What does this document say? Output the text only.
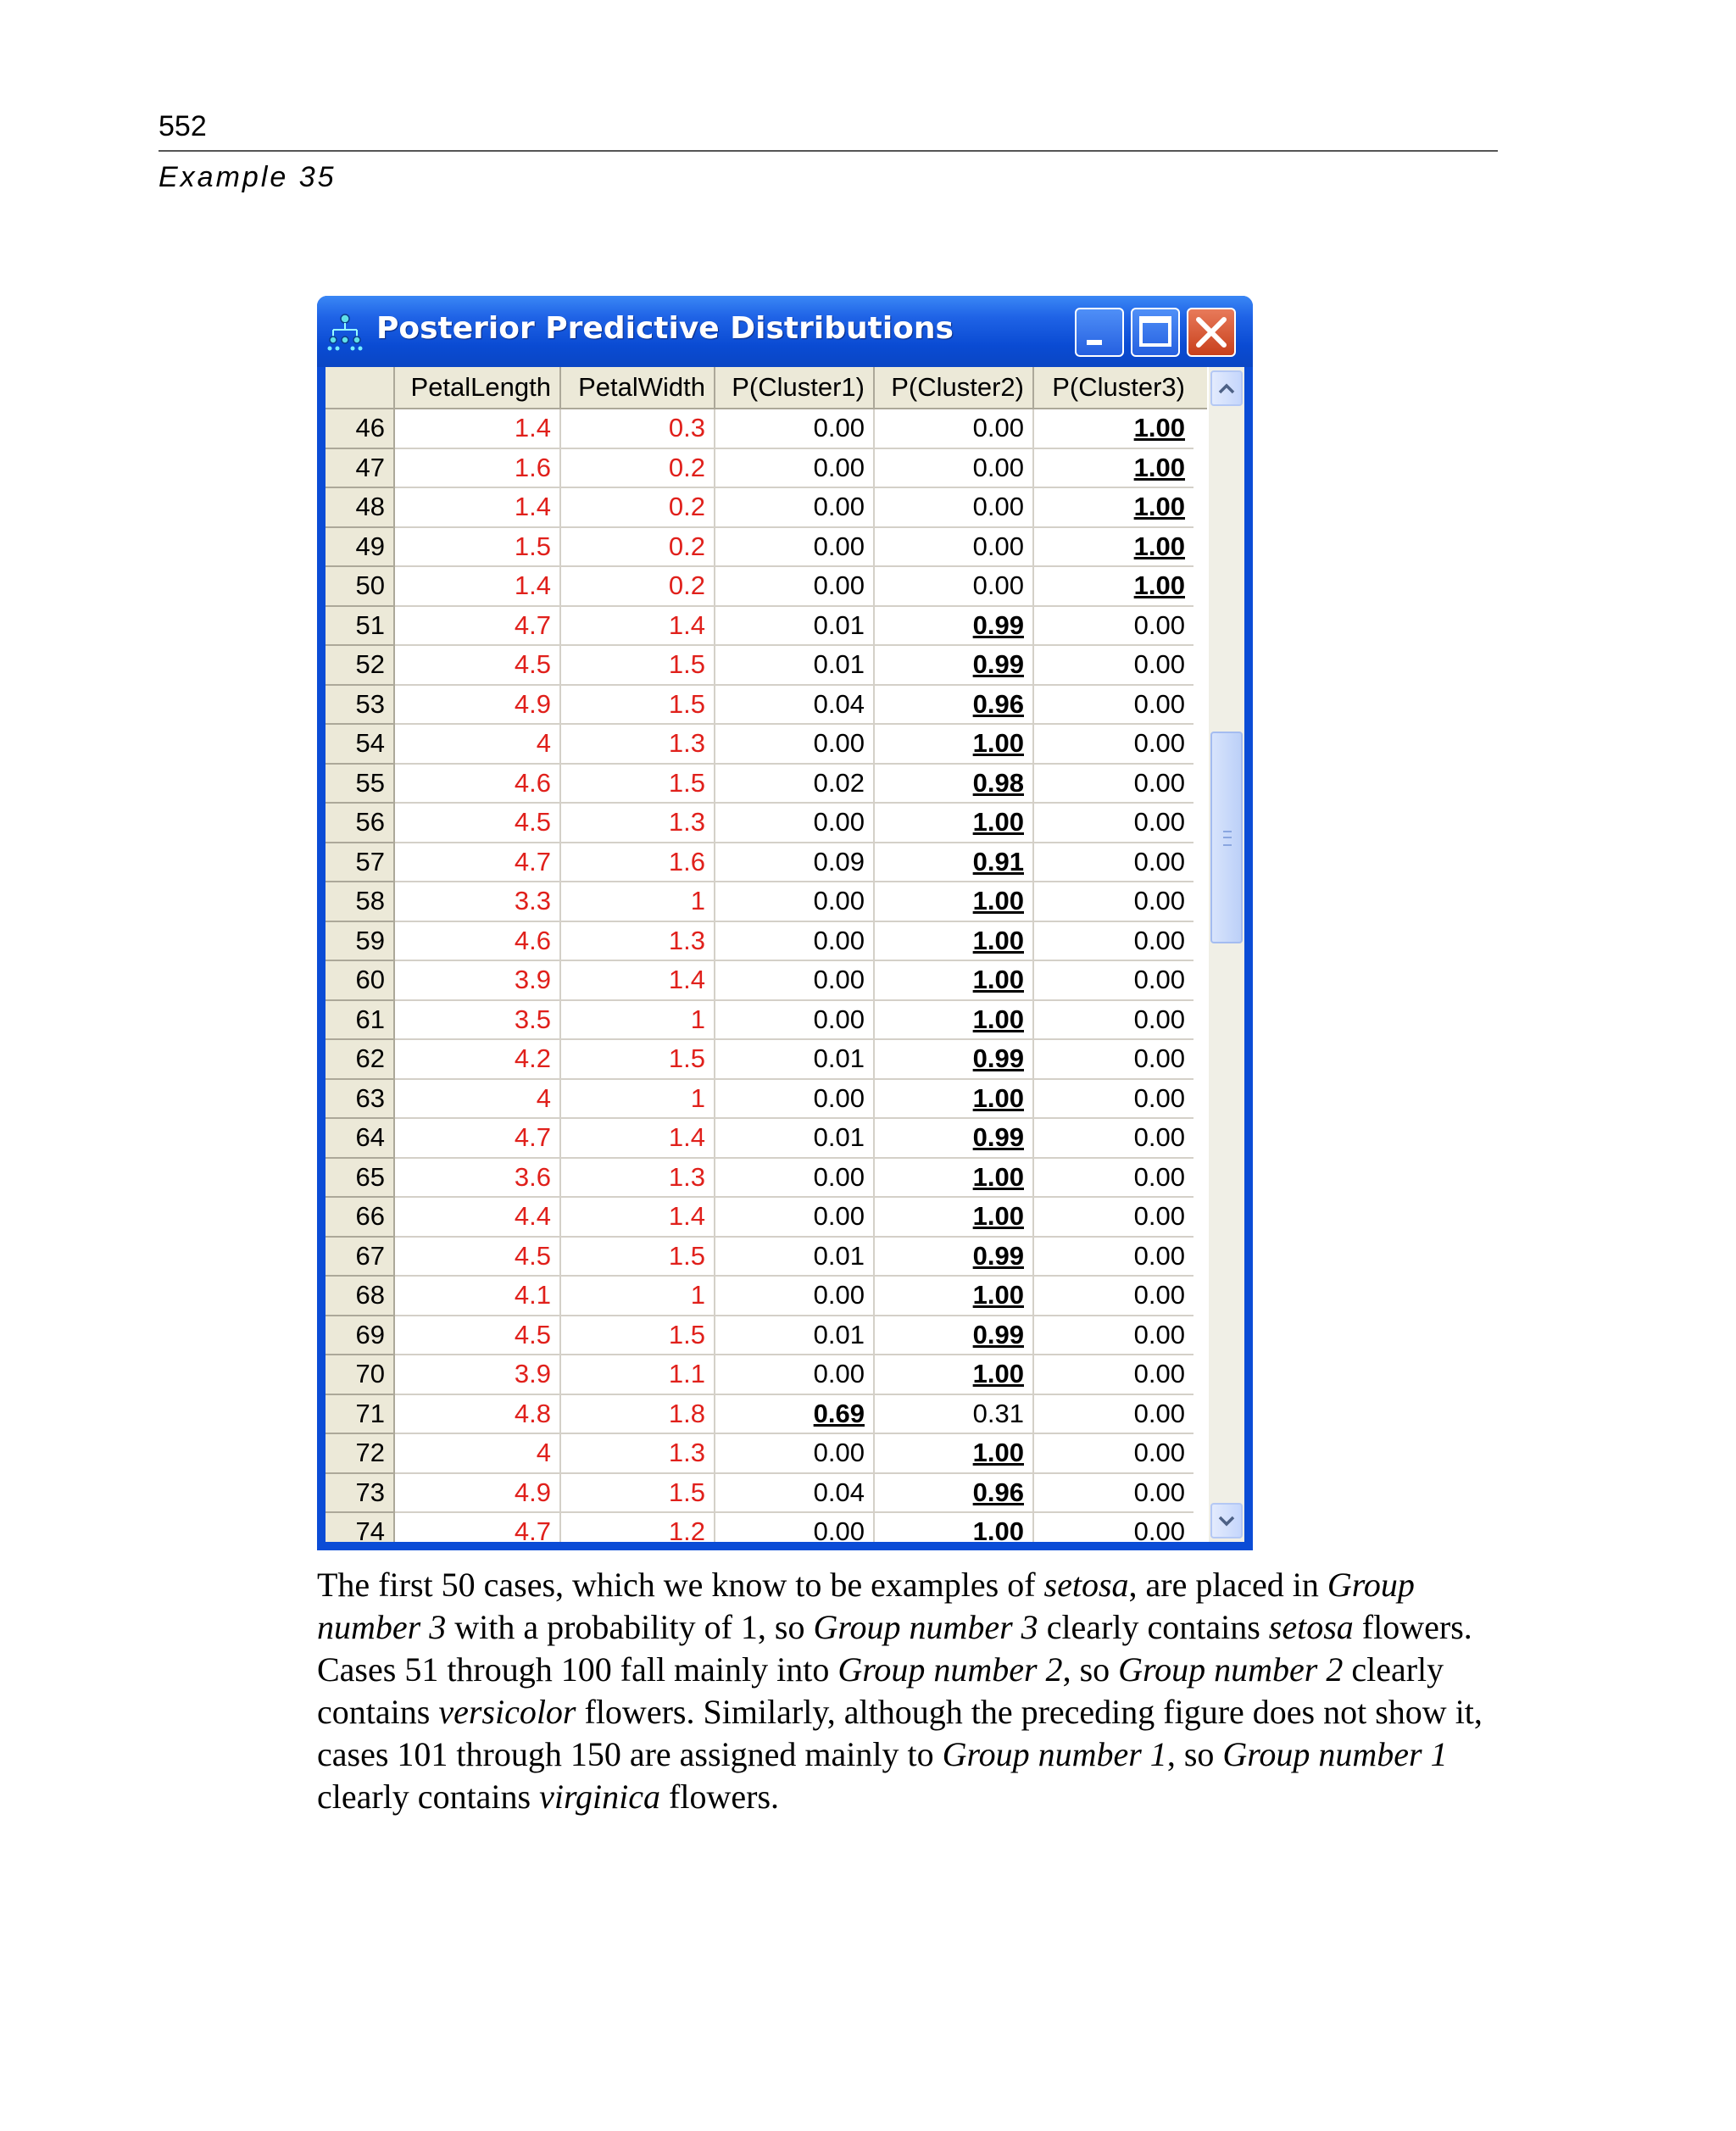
552
Example 35
Posterior Predictive Distributions
PetalLength	PetalWidth	P(Cluster1)	P(Cluster2)	P(Cluster3)
46	1.4	0.3	0.00	0.00	1.00
47	1.6	0.2	0.00	0.00	1.00
48	1.4	0.2	0.00	0.00	1.00
49	1.5	0.2	0.00	0.00	1.00
50	1.4	0.2	0.00	0.00	1.00
51	4.7	1.4	0.01	0.99	0.00
52	4.5	1.5	0.01	0.99	0.00
53	4.9	1.5	0.04	0.96	0.00
54	4	1.3	0.00	1.00	0.00
55	4.6	1.5	0.02	0.98	0.00
56	4.5	1.3	0.00	1.00	0.00
57	4.7	1.6	0.09	0.91	0.00
58	3.3	1	0.00	1.00	0.00
59	4.6	1.3	0.00	1.00	0.00
60	3.9	1.4	0.00	1.00	0.00
61	3.5	1	0.00	1.00	0.00
62	4.2	1.5	0.01	0.99	0.00
63	4	1	0.00	1.00	0.00
64	4.7	1.4	0.01	0.99	0.00
65	3.6	1.3	0.00	1.00	0.00
66	4.4	1.4	0.00	1.00	0.00
67	4.5	1.5	0.01	0.99	0.00
68	4.1	1	0.00	1.00	0.00
69	4.5	1.5	0.01	0.99	0.00
70	3.9	1.1	0.00	1.00	0.00
71	4.8	1.8	0.69	0.31	0.00
72	4	1.3	0.00	1.00	0.00
73	4.9	1.5	0.04	0.96	0.00
74	4.7	1.2	0.00	1.00	0.00
The first 50 cases, which we know to be examples of setosa, are placed in Group number 3 with a probability of 1, so Group number 3 clearly contains setosa flowers. Cases 51 through 100 fall mainly into Group number 2, so Group number 2 clearly contains versicolor flowers. Similarly, although the preceding figure does not show it, cases 101 through 150 are assigned mainly to Group number 1, so Group number 1 clearly contains virginica flowers.
